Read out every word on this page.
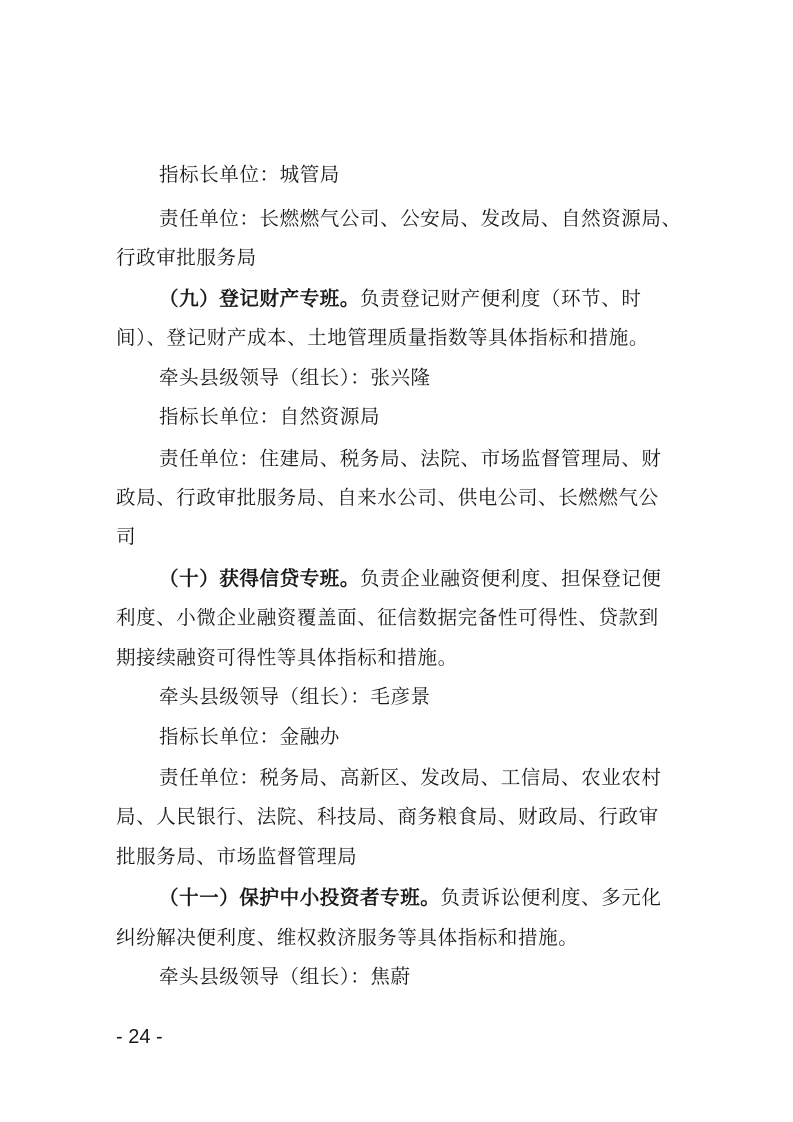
指标长单位：城管局
责任单位：长燃燃气公司、公安局、发改局、自然资源局、
行政审批服务局
（九）登记财产专班。负责登记财产便利度（环节、时
间）、登记财产成本、土地管理质量指数等具体指标和措施。
牵头县级领导（组长）：张兴隆
指标长单位：自然资源局
责任单位：住建局、税务局、法院、市场监督管理局、财
政局、行政审批服务局、自来水公司、供电公司、长燃燃气公
司
（十）获得信贷专班。负责企业融资便利度、担保登记便
利度、小微企业融资覆盖面、征信数据完备性可得性、贷款到
期接续融资可得性等具体指标和措施。
牵头县级领导（组长）：毛彦景
指标长单位：金融办
责任单位：税务局、高新区、发改局、工信局、农业农村
局、人民银行、法院、科技局、商务粮食局、财政局、行政审
批服务局、市场监督管理局
（十一）保护中小投资者专班。负责诉讼便利度、多元化
纠纷解决便利度、维权救济服务等具体指标和措施。
牵头县级领导（组长）：焦蔚
- 24 -
